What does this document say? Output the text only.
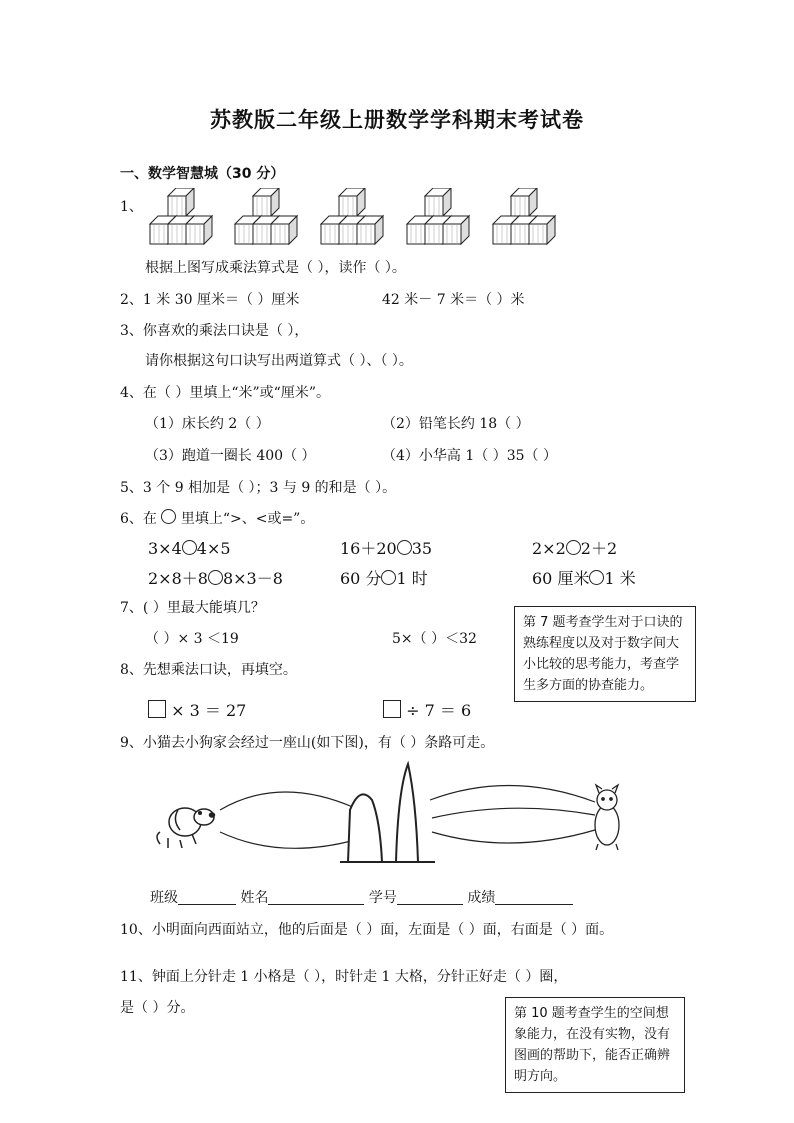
苏教版二年级上册数学学科期末考试卷
一、数学智慧城（30 分）
1、
根据上图写成乘法算式是（ ），读作（ ）。
2、1 米 30 厘米＝（ ）厘米	42 米－ 7 米＝（ ）米
3、你喜欢的乘法口诀是（ ），
请你根据这句口诀写出两道算式（ ）、（ ）。
4、在（ ）里填上“米”或“厘米”。
（1）床长约 2（ ）	（2）铅笔长约 18（ ）
（3）跑道一圈长 400（ ）	（4）小华高 1（ ）35（ ）
5、3 个 9 相加是（ ）；3 与 9 的和是（ ）。
6、在 里填上“>、<或=”。
3×4 4×5	16＋20 35	2×2 2＋2
2×8＋8 8×3－8	60 分 1 时	60 厘米 1 米
7、( ）里最大能填几？
（ ）× 3 ＜19	5×（ ）＜32
第 7 题考查学生对于口诀的熟练程度以及对于数字间大小比较的思考能力，考查学生多方面的协查能力。
8、先想乘法口诀，再填空。
× 3 ＝ 27	÷ 7 ＝ 6
9、小猫去小狗家会经过一座山(如下图)，有（ ）条路可走。
班级	姓名	学号	成绩
10、小明面向西面站立，他的后面是（ ）面，左面是（ ）面，右面是（ ）面。
11、钟面上分针走 1 小格是（ ），时针走 1 大格，分针正好走（ ）圈，
是（ ）分。	第 10 题考查学生的空间想象能力，在没有实物，没有图画的帮助下，能否正确辨明方向。
